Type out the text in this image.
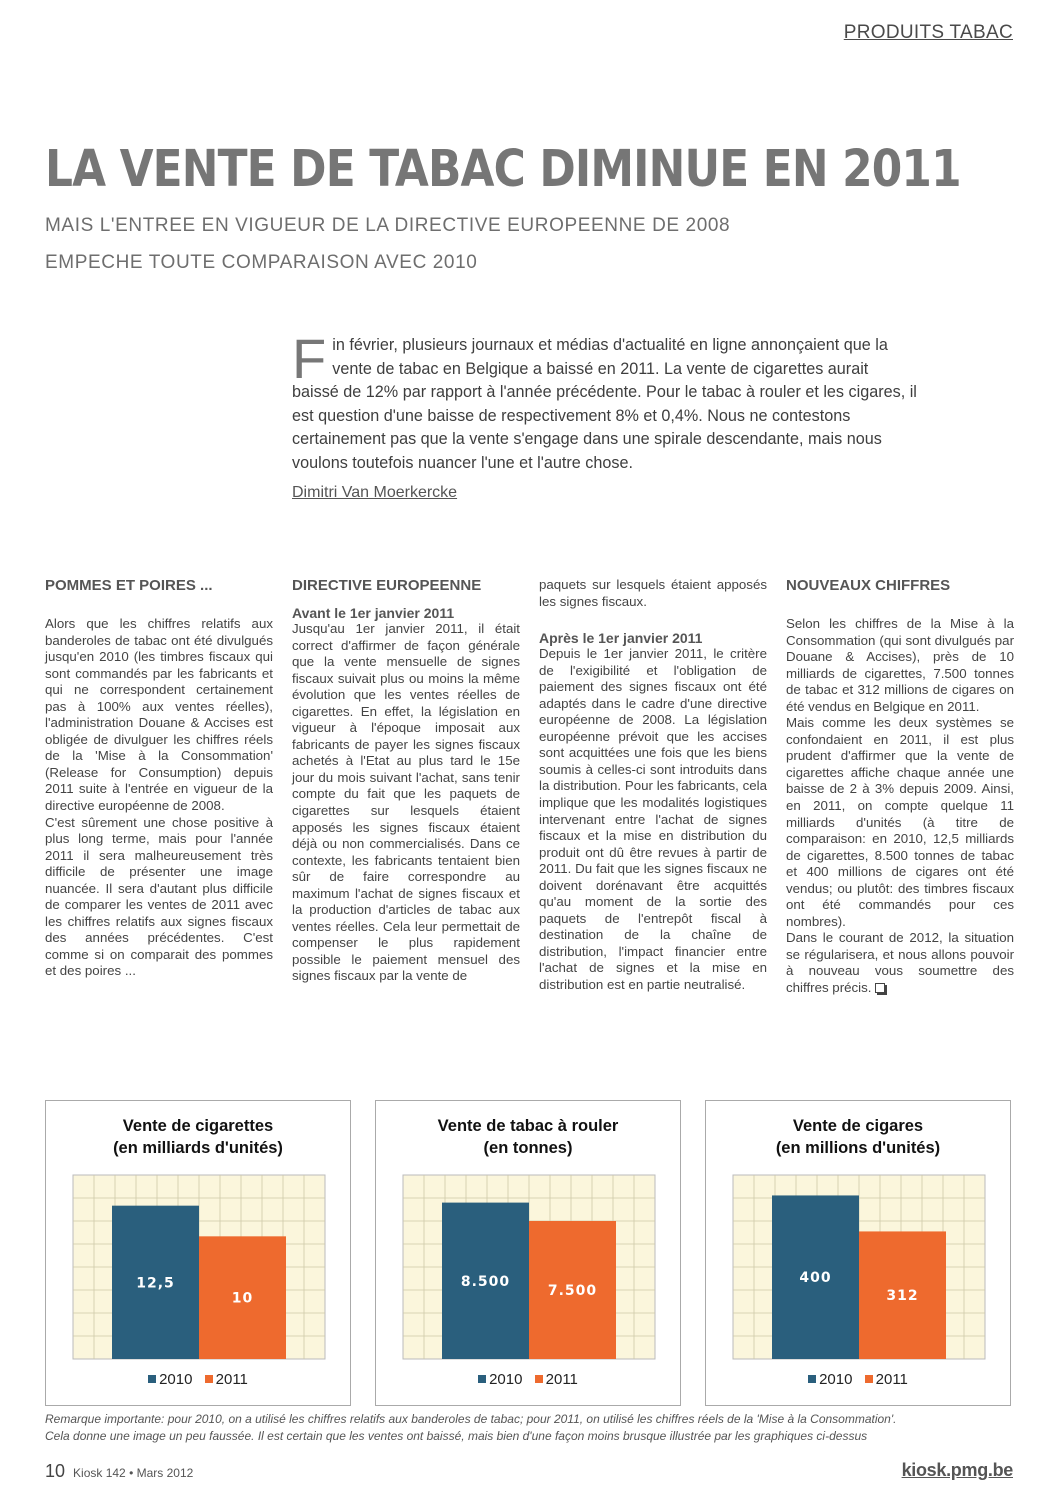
PRODUITS TABAC
LA VENTE DE TABAC DIMINUE EN 2011
MAIS L'ENTREE EN VIGUEUR DE LA DIRECTIVE EUROPEENNE DE 2008
EMPECHE TOUTE COMPARAISON AVEC 2010
Fin février, plusieurs journaux et médias d'actualité en ligne annonçaient que la vente de tabac en Belgique a baissé en 2011. La vente de cigarettes aurait baissé de 12% par rapport à l'année précédente. Pour le tabac à rouler et les cigares, il est question d'une baisse de respectivement 8% et 0,4%. Nous ne contestons certainement pas que la vente s'engage dans une spirale descendante, mais nous voulons toutefois nuancer l'une et l'autre chose.
Dimitri Van Moerkercke
POMMES ET POIRES ...

Alors que les chiffres relatifs aux banderoles de tabac ont été divulgués jusqu'en 2010 (les timbres fiscaux qui sont commandés par les fabricants et qui ne correspondent certainement pas à 100% aux ventes réelles), l'administration Douane & Accises est obligée de divulguer les chiffres réels de la 'Mise à la Consommation' (Release for Consumption) depuis 2011 suite à l'entrée en vigueur de la directive européenne de 2008.

C'est sûrement une chose positive à plus long terme, mais pour l'année 2011 il sera malheureusement très difficile de présenter une image nuancée. Il sera d'autant plus difficile de comparer les ventes de 2011 avec les chiffres relatifs aux signes fiscaux des années précédentes. C'est comme si on comparait des pommes et des poires ...

DIRECTIVE EUROPEENNE
Avant le 1er janvier 2011

Jusqu'au 1er janvier 2011, il était correct d'affirmer de façon générale que la vente mensuelle de signes fiscaux suivait plus ou moins la même évolution que les ventes réelles de cigarettes. En effet, la législation en vigueur à l'époque imposait aux fabricants de payer les signes fiscaux achetés à l'Etat au plus tard le 15e jour du mois suivant l'achat, sans tenir compte du fait que les paquets de cigarettes sur lesquels étaient apposés les signes fiscaux étaient déjà ou non commercialisés. Dans ce contexte, les fabricants tentaient bien sûr de faire correspondre au maximum l'achat de signes fiscaux et la production d'articles de tabac aux ventes réelles. Cela leur permettait de compenser le plus rapidement possible le paiement mensuel des signes fiscaux par la vente de

paquets sur lesquels étaient apposés les signes fiscaux.

Après le 1er janvier 2011

Depuis le 1er janvier 2011, le critère de l'exigibilité et l'obligation de paiement des signes fiscaux ont été adaptés dans le cadre d'une directive européenne de 2008. La législation européenne prévoit que les accises sont acquittées une fois que les biens soumis à celles-ci sont introduits dans la distribution. Pour les fabricants, cela implique que les modalités logistiques intervenant entre l'achat de signes fiscaux et la mise en distribution du produit ont dû être revues à partir de 2011. Du fait que les signes fiscaux ne doivent dorénavant être acquittés qu'au moment de la sortie des paquets de l'entrepôt fiscal à destination de la chaîne de distribution, l'impact financier entre l'achat de signes et la mise en distribution est en partie neutralisé.

NOUVEAUX CHIFFRES

Selon les chiffres de la Mise à la Consommation (qui sont divulgués par Douane & Accises), près de 10 milliards de cigarettes, 7.500 tonnes de tabac et 312 millions de cigares on été vendus en Belgique en 2011.

Mais comme les deux systèmes se confondaient en 2011, il est plus prudent d'affirmer que la vente de cigarettes affiche chaque année une baisse de 2 à 3% depuis 2009. Ainsi, en 2011, on compte quelque 11 milliards d'unités (à titre de comparaison: en 2010, 12,5 milliards de cigarettes, 8.500 tonnes de tabac et 400 millions de cigares ont été vendus; ou plutôt: des timbres fiscaux ont été commandés pour ces nombres).

Dans le courant de 2012, la situation se régularisera, et nous allons pouvoir à nouveau vous soumettre des chiffres précis.

Vente de cigarettes
(en milliards d'unités)
12,5
10
2010 2011
Vente de tabac à rouler
(en tonnes)
8.500
7.500
2010 2011
Vente de cigares
(en millions d'unités)
400
312
2010 2011
Remarque importante: pour 2010, on a utilisé les chiffres relatifs aux banderoles de tabac; pour 2011, on utilisé les chiffres réels de la 'Mise à la Consommation'.
Cela donne une image un peu faussée. Il est certain que les ventes ont baissé, mais bien d'une façon moins brusque illustrée par les graphiques ci-dessus
10 Kiosk 142 • Mars 2012	kiosk.pmg.be
